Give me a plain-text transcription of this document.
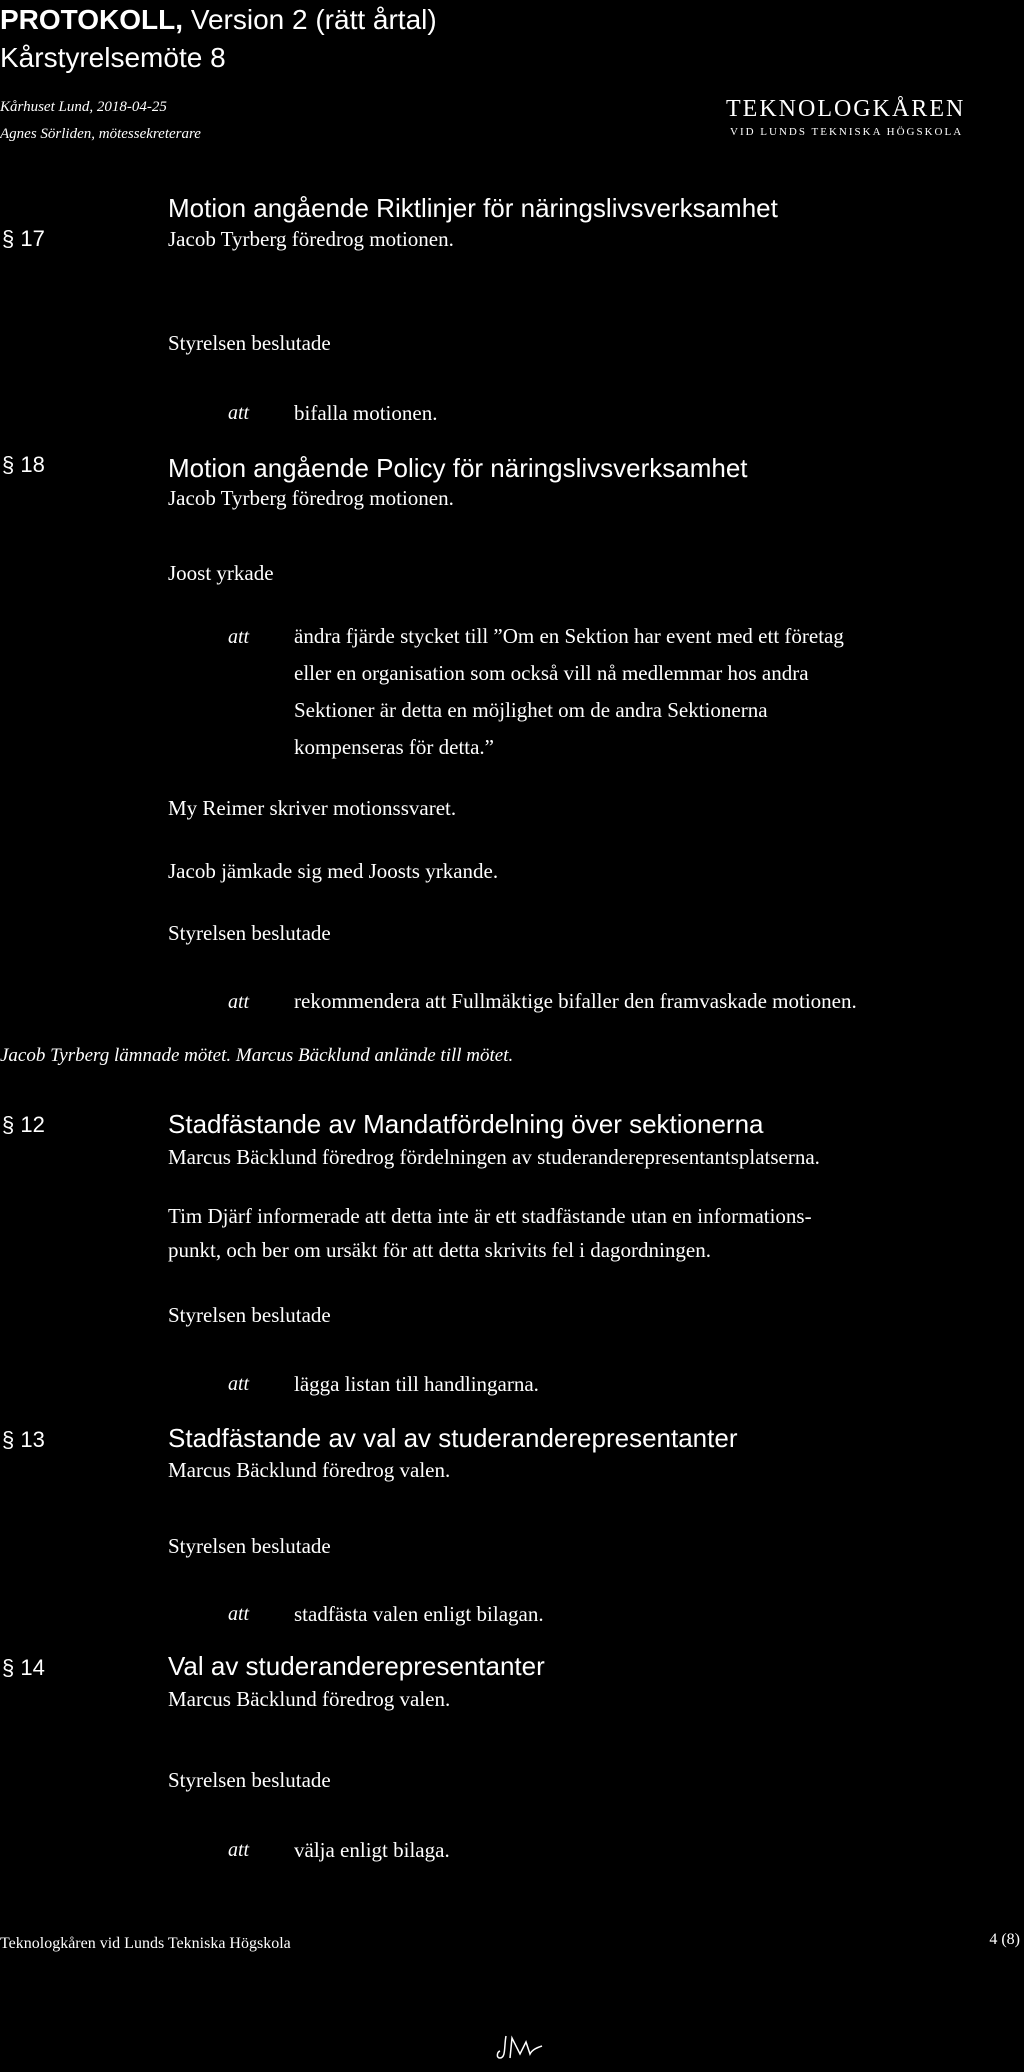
PROTOKOLL, Version 2 (rätt årtal)
Kårstyrelsemöte 8
Kårhuset Lund, 2018-04-25
Agnes Sörliden, mötessekreterare
TEKNOLOGKÅREN
VID LUNDS TEKNISKA HÖGSKOLA
§ 17
Motion angående Riktlinjer för näringslivsverksamhet
Jacob Tyrberg föredrog motionen.
Styrelsen beslutade
att bifalla motionen.
§ 18	Motion angående Policy för näringslivsverksamhet
Jacob Tyrberg föredrog motionen.
Joost yrkade
att ändra fjärde stycket till ”Om en Sektion har event med ett företag
eller en organisation som också vill nå medlemmar hos andra
Sektioner är detta en möjlighet om de andra Sektionerna
kompenseras för detta.”
My Reimer skriver motionssvaret.
Jacob jämkade sig med Joosts yrkande.
Styrelsen beslutade
att rekommendera att Fullmäktige bifaller den framvaskade motionen.
Jacob Tyrberg lämnade mötet. Marcus Bäcklund anlände till mötet.
§ 12	Stadfästande av Mandatfördelning över sektionerna
Marcus Bäcklund föredrog fördelningen av studeranderepresentantsplatserna.
Tim Djärf informerade att detta inte är ett stadfästande utan en informations-
punkt, och ber om ursäkt för att detta skrivits fel i dagordningen.
Styrelsen beslutade
att lägga listan till handlingarna.
§ 13	Stadfästande av val av studeranderepresentanter
Marcus Bäcklund föredrog valen.
Styrelsen beslutade
att stadfästa valen enligt bilagan.
§ 14	Val av studeranderepresentanter
Marcus Bäcklund föredrog valen.
Styrelsen beslutade
att välja enligt bilaga.
Teknologkåren vid Lunds Tekniska Högskola	4 (8)
